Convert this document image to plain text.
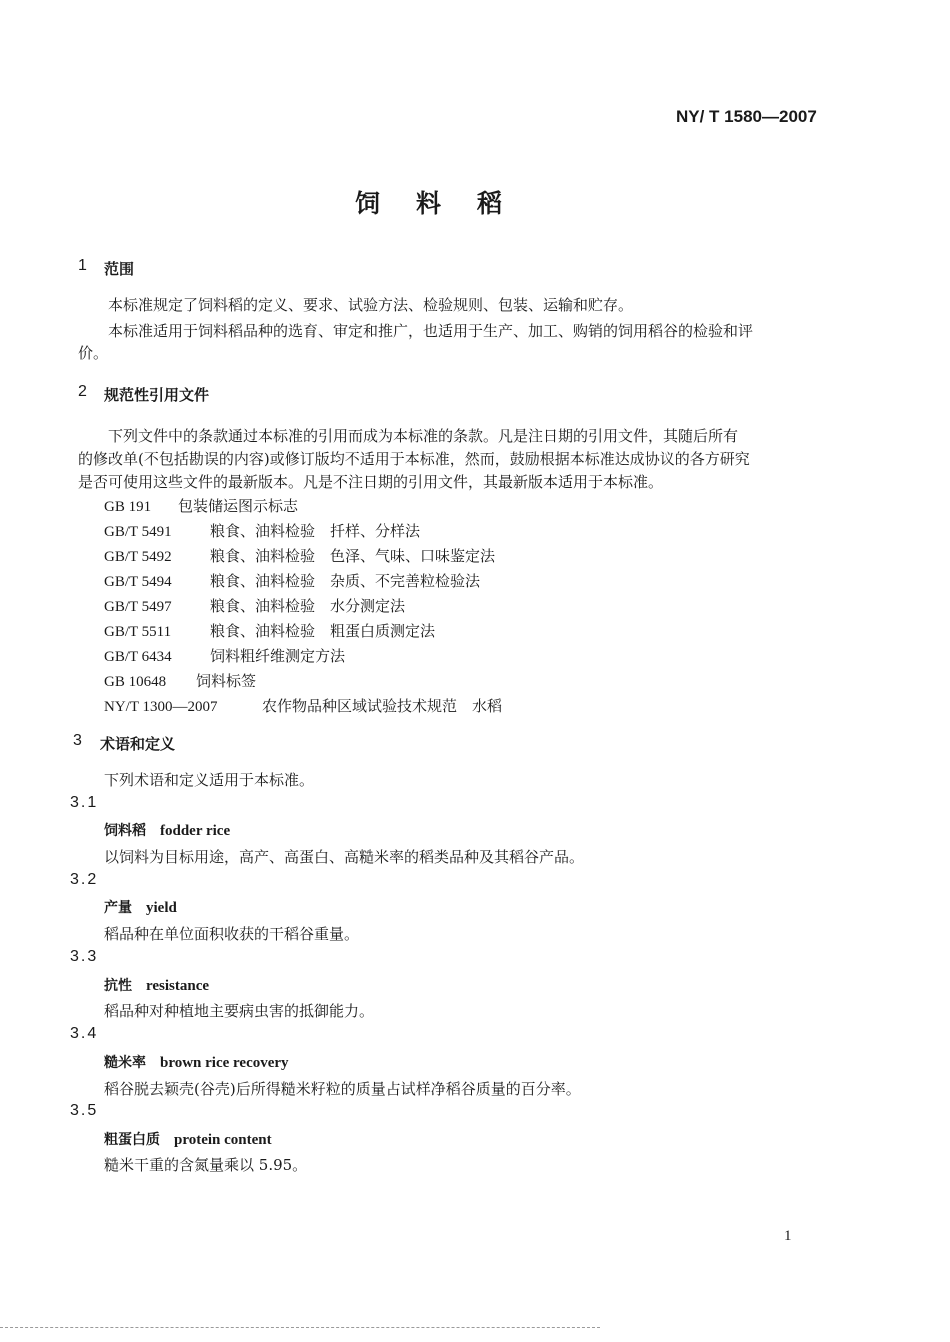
NY/ T 1580—2007
饲料稻
1 范围
本标准规定了饲料稻的定义、要求、试验方法、检验规则、包装、运输和贮存。
本标准适用于饲料稻品种的选育、审定和推广，也适用于生产、加工、购销的饲用稻谷的检验和评
价。
2 规范性引用文件
下列文件中的条款通过本标准的引用而成为本标准的条款。凡是注日期的引用文件，其随后所有
的修改单(不包括勘误的内容)或修订版均不适用于本标准，然而，鼓励根据本标准达成协议的各方研究
是否可使用这些文件的最新版本。凡是不注日期的引用文件，其最新版本适用于本标准。
GB 191 包装储运图示标志
GB/T 5491	粮食、油料检验　扦样、分样法
GB/T 5492	粮食、油料检验　色泽、气味、口味鉴定法
GB/T 5494	粮食、油料检验　杂质、不完善粒检验法
GB/T 5497	粮食、油料检验　水分测定法
GB/T 5511	粮食、油料检验　粗蛋白质测定法
GB/T 6434	饲料粗纤维测定方法
GB 10648 饲料标签
NY/T 1300—2007	农作物品种区域试验技术规范　水稻
3 术语和定义
下列术语和定义适用于本标准。
3.1
饲料稻 fodder rice
以饲料为目标用途，高产、高蛋白、高糙米率的稻类品种及其稻谷产品。
3.2
产量 yield
稻品种在单位面积收获的干稻谷重量。
3.3
抗性 resistance
稻品种对种植地主要病虫害的抵御能力。
3.4
糙米率 brown rice recovery
稻谷脱去颖壳(谷壳)后所得糙米籽粒的质量占试样净稻谷质量的百分率。
3.5
粗蛋白质 protein content
糙米干重的含氮量乘以 5.95。
1
